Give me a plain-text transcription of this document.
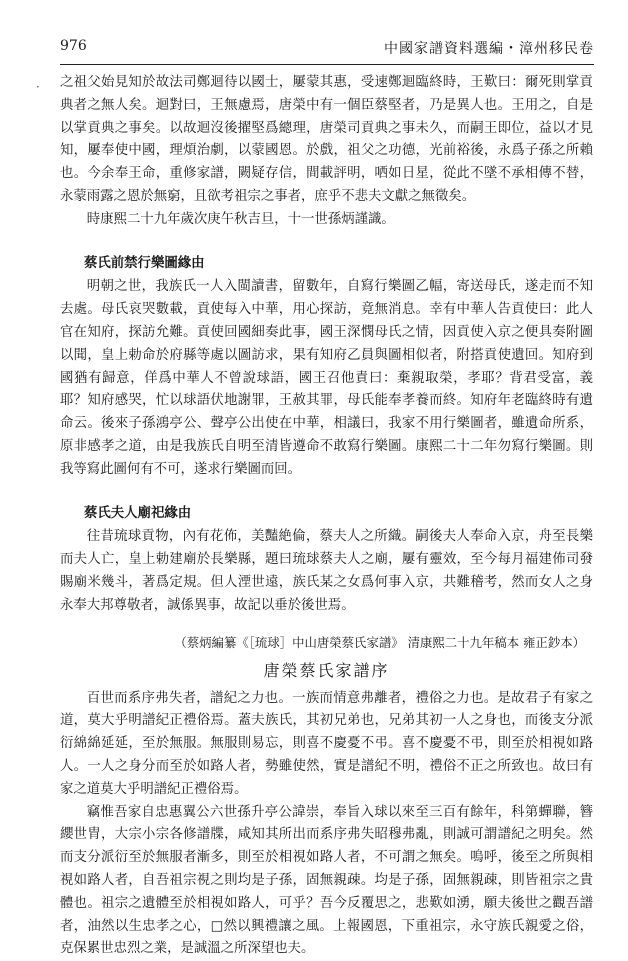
976	中國家譜資料選編・漳州移民卷
· 之祖父始見知於故法司鄭迴待以國士，屢蒙其惠，受速鄭迴臨終時，王歎曰：爾死則掌貢典者之無人矣。迴對曰，王無慮焉，唐榮中有一個臣蔡堅者，乃是異人也。王用之，自是以掌貢典之事矣。以故迴沒後擢堅爲總理，唐榮司貢典之事未久，而嗣王即位，益以才見知，屢奉使中國，理煩治劇，以蒙國恩。於戲，祖父之功德，光前裕後，永爲子孫之所賴也。今余奉王命，重修家譜，闕疑存信，間載評明，哂如日星，從此不墜不承相傳不替，永蒙雨露之恩於無窮，且欲考祖宗之事者，庶乎不悲夫文獻之無徵矣。

時康熙二十九年歲次庚午秋吉旦，十一世孫炳謹識。

蔡氏前禁行樂圖緣由

明朝之世，我族氏一人入閩讀書，留數年，自寫行樂圖乙幅，寄送母氏，遂走而不知去處。母氏哀哭數載，貢使每入中華，用心探訪，竟無消息。幸有中華人告貢使曰：此人官在知府，探訪允難。貢使回國細奏此事，國王深憫母氏之情，因貢使入京之便具奏附圖以聞，皇上勅命於府縣等處以圖訪求，果有知府乙員與圖相似者，附搭貢使遺回。知府到國猶有歸意，佯爲中華人不曾說球語，國王召他責曰：棄親取榮，孝耶？背君受富，義耶？知府感哭，忙以球語伏地謝罪，王赦其罪，母氏能奉孝養而終。知府年老臨終時有遺命云。後來子孫鴻亭公、聲亭公出使在中華，相議曰，我家不用行樂圖者，雖遺命所系，原非感孝之道，由是我族氏自明至清皆遵命不敢寫行樂圖。康熙二十二年勿寫行樂圖。則我等寫此圖何有不可，遂求行樂圖而回。

蔡氏夫人廟祀緣由

往昔琉球貢物，內有花佈，美豔絶倫，蔡夫人之所織。嗣後夫人奉命入京，舟至長樂而夫人亡，皇上勅建廟於長樂縣，題曰琉球蔡夫人之廟，屢有靈效，至今每月福建佈司發賜廟米幾斗，著爲定規。但人湮世遠，族氏某之女爲何事入京，共難稽考，然而女人之身永奉大邦尊敬者，誠係異事，故記以垂於後世焉。

（蔡炳編纂《［琉球］中山唐榮蔡氏家譜》 清康熙二十九年稿本 雍正鈔本）
唐榮蔡氏家譜序

百世而系序弗失者，譜紀之力也。一族而情意弗離者，禮俗之力也。是故君子有家之道，莫大乎明譜紀正禮俗焉。蓋夫族氏，其初兄弟也，兄弟其初一人之身也，而後支分派衍綿綿延延，至於無服。無服則易忘，則喜不慶憂不弔。喜不慶憂不弔，則至於相視如路人。一人之身分而至於如路人者，勢雖使然，實是譜紀不明，禮俗不正之所致也。故曰有家之道莫大乎明譜紀正禮俗焉。

竊惟吾家自忠惠翼公六世孫升亭公諱崇，奉旨入球以來至三百有餘年，科第蟬聯，簪纓世胄，大宗小宗各修譜牒，咸知其所出而系序弗失昭穆弗亂，則誠可謂譜紀之明矣。然而支分派衍至於無服者漸多，則至於相視如路人者，不可謂之無矣。嗚呼，後至之所與相視如路人者，自吾祖宗視之則均是子孫，固無親疎。均是子孫，固無親疎，則皆祖宗之貴體也。祖宗之遺體至於相視如路人，可乎？吾今反覆思之，悲歎如湧，願夫後世之觀吾譜者，油然以生忠孝之心，□然以興禮讓之風。上報國恩，下重祖宗，永守族氏親愛之俗，克保累世忠烈之業，是誠溫之所深望也夫。
